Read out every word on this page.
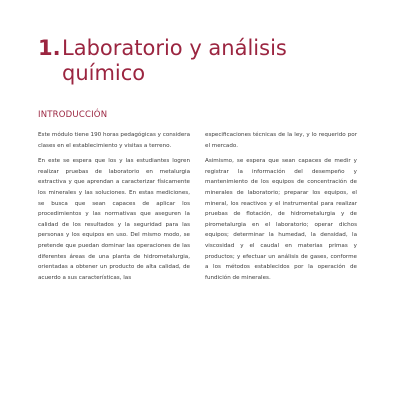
1.Laboratorio y análisis
químico
INTRODUCCIÓN

Este módulo tiene 190 horas pedagógicas y considera clases en el establecimiento y visitas a terreno.

En este se espera que los y las estudiantes logren realizar pruebas de laboratorio en metalurgia extractiva y que aprendan a caracterizar físicamente los minerales y las soluciones. En estas mediciones, se busca que sean capaces de aplicar los procedimientos y las normativas que aseguren la calidad de los resultados y la seguridad para las personas y los equipos en uso. Del mismo modo, se pretende que puedan dominar las operaciones de las diferentes áreas de una planta de hidrometalurgia, orientadas a obtener un producto de alta calidad, de acuerdo a sus características, las

especificaciones técnicas de la ley, y lo requerido por el mercado.

Asimismo, se espera que sean capaces de medir y registrar la información del desempeño y mantenimiento de los equipos de concentración de minerales de laboratorio; preparar los equipos, el mineral, los reactivos y el instrumental para realizar pruebas de flotación, de hidrometalurgia y de pirometalurgia en el laboratorio; operar dichos equipos; determinar la humedad, la densidad, la viscosidad y el caudal en materias primas y productos; y efectuar un análisis de gases, conforme a los métodos establecidos por la operación de fundición de minerales.
